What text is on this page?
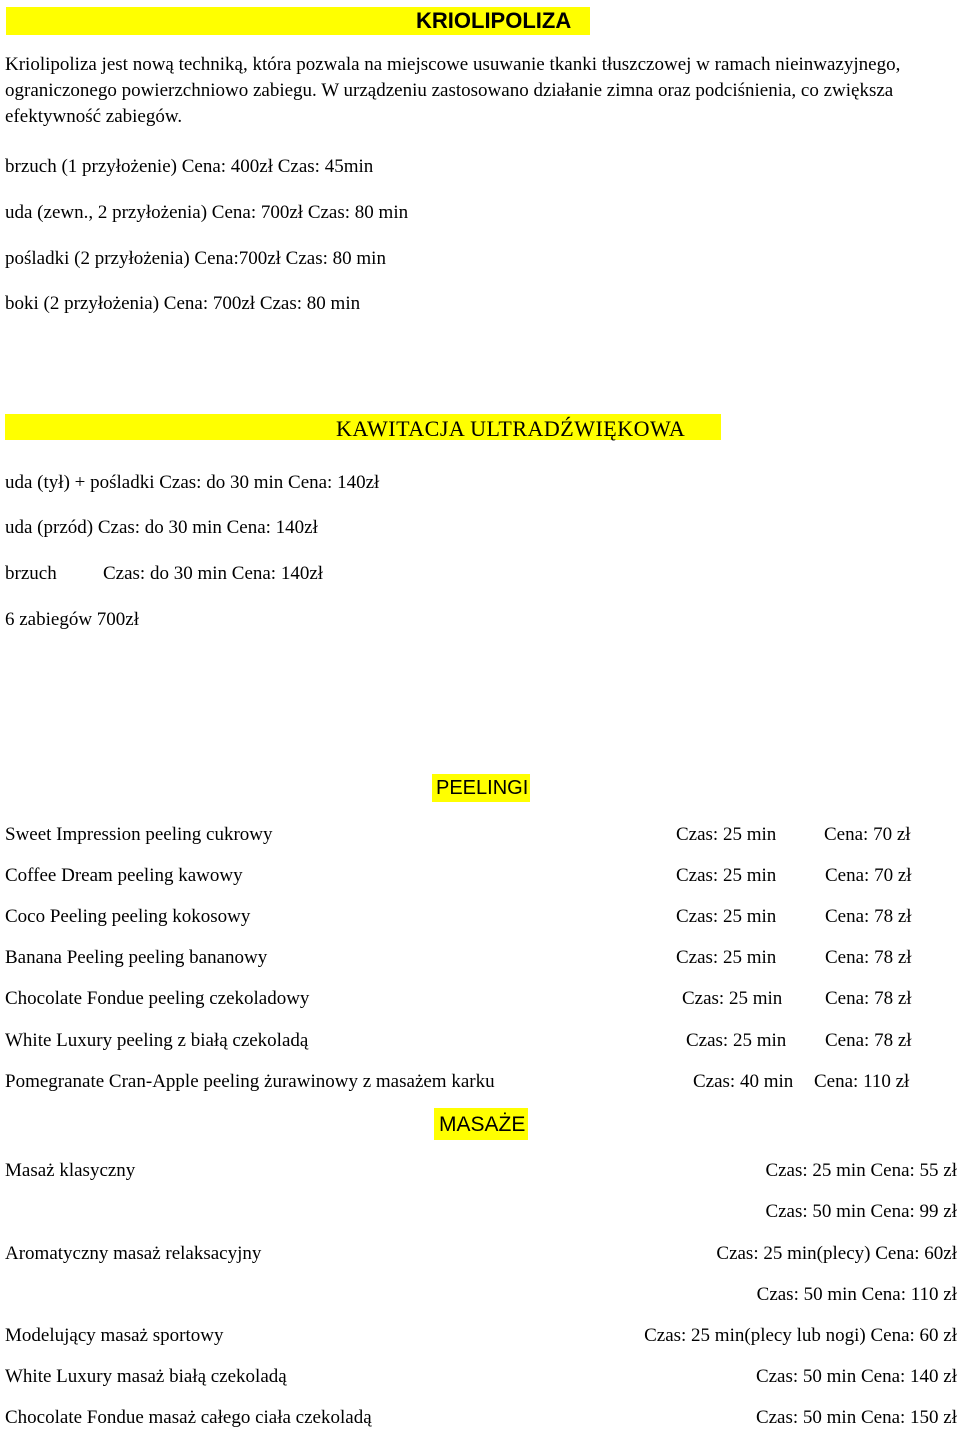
KRIOLIPOLIZA
Kriolipoliza jest nową techniką, która pozwala na miejscowe usuwanie tkanki tłuszczowej w ramach nieinwazyjnego, ograniczonego powierzchniowo zabiegu. W urządzeniu zastosowano działanie zimna oraz podciśnienia, co zwiększa efektywność zabiegów.
brzuch (1 przyłożenie) Cena: 400zł Czas: 45min
uda (zewn., 2 przyłożenia) Cena: 700zł Czas: 80 min
pośladki (2 przyłożenia) Cena:700zł Czas: 80 min
boki (2 przyłożenia) Cena: 700zł Czas: 80 min
KAWITACJA ULTRADŹWIĘKOWA
uda (tył) + pośladki Czas: do 30 min Cena: 140zł
uda (przód) Czas: do 30 min Cena: 140zł
brzuch Czas: do 30 min Cena: 140zł
6 zabiegów 700zł
PEELINGI
Sweet Impression peeling cukrowy	Czas: 25 min	Cena: 70 zł
Coffee Dream peeling kawowy	Czas: 25 min	Cena: 70 zł
Coco Peeling peeling kokosowy	Czas: 25 min	Cena: 78 zł
Banana Peeling peeling bananowy	Czas: 25 min	Cena: 78 zł
Chocolate Fondue peeling czekoladowy	Czas: 25 min Cena: 78 zł
White Luxury peeling z białą czekoladą	Czas: 25 min Cena: 78 zł
Pomegranate Cran-Apple peeling żurawinowy z masażem karku	Czas: 40 min Cena: 110 zł
MASAŻE
Masaż klasyczny	Czas: 25 min Cena: 55 zł
Czas: 50 min Cena: 99 zł
Aromatyczny masaż relaksacyjny	Czas: 25 min(plecy) Cena: 60zł
Czas: 50 min Cena: 110 zł
Modelujący masaż sportowy	Czas: 25 min(plecy lub nogi) Cena: 60 zł
White Luxury masaż białą czekoladą	Czas: 50 min Cena: 140 zł
Chocolate Fondue masaż całego ciała czekoladą	Czas: 50 min Cena: 150 zł
